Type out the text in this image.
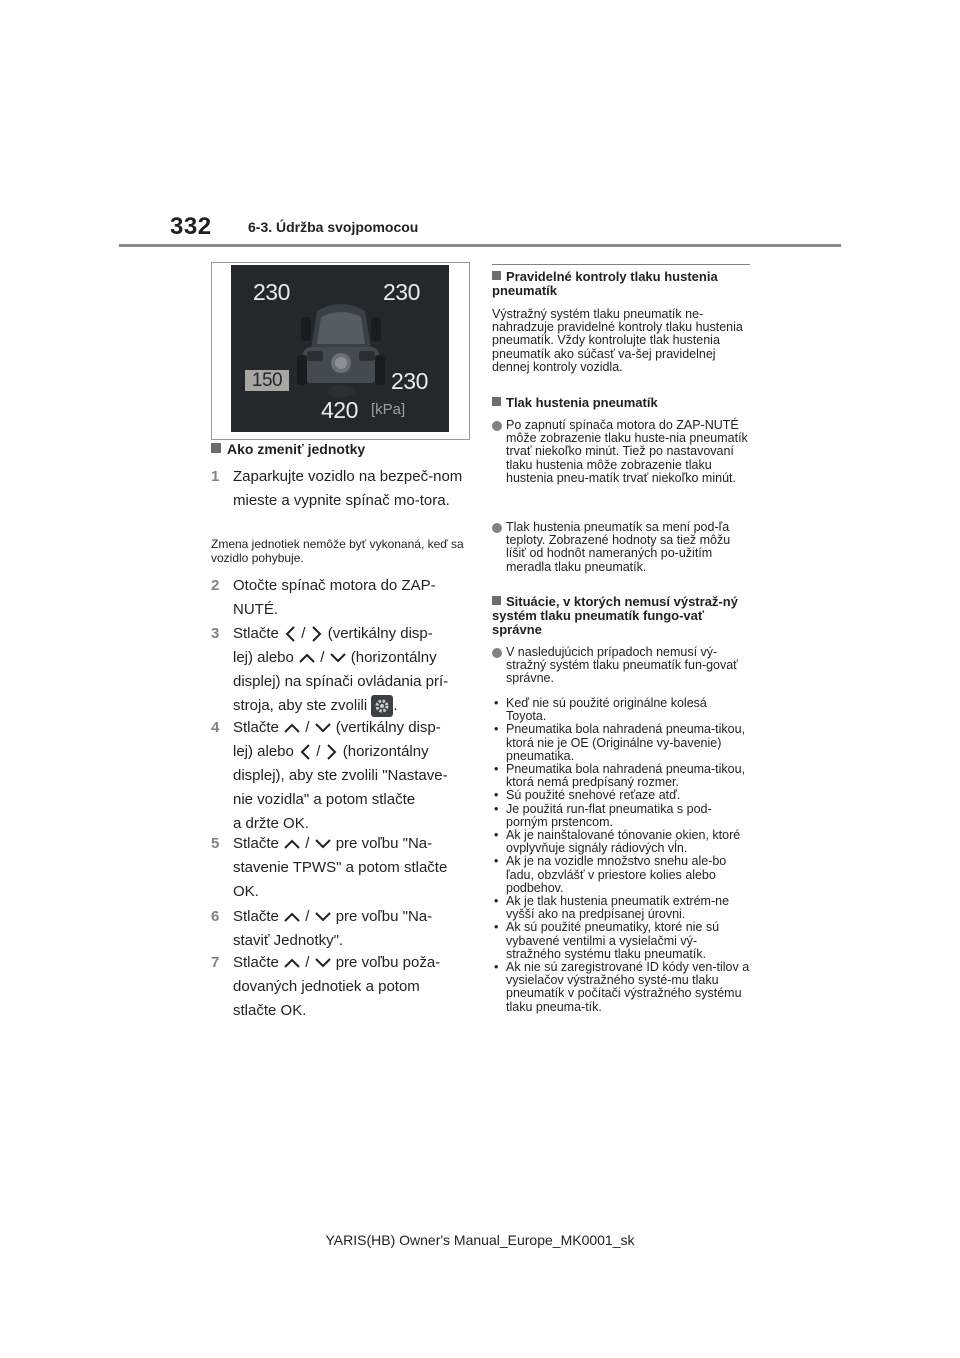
332	6-3. Údržba svojpomocou
230	230
150	230
420 [kPa]
Ako zmeniť jednotky
1 Zaparkujte vozidlo na bezpeč-nom mieste a vypnite spínač mo-tora.
Zmena jednotiek nemôže byť vykonaná, keď sa vozidlo pohybuje.
2 Otočte spínač motora do ZAP-NUTÉ.
3 Stlačte / (vertikálny disp-
lej) alebo / (horizontálny
displej) na spínači ovládania prí-
stroja, aby ste zvolili .
4 Stlačte / (vertikálny disp-
lej) alebo / (horizontálny
displej), aby ste zvolili "Nastave-
nie vozidla" a potom stlačte
a držte OK.
5 Stlačte / pre voľbu "Na-
stavenie TPWS" a potom stlačte
OK.
6 Stlačte / pre voľbu "Na-
staviť Jednotky".
7 Stlačte / pre voľbu poža-
dovaných jednotiek a potom
stlačte OK.
Pravidelné kontroly tlaku hustenia pneumatík
Výstražný systém tlaku pneumatík ne-nahradzuje pravidelné kontroly tlaku hustenia pneumatík. Vždy kontrolujte tlak hustenia pneumatík ako súčasť va-šej pravidelnej dennej kontroly vozidla.
Tlak hustenia pneumatík
Po zapnutí spínača motora do ZAP-NUTÉ môže zobrazenie tlaku huste-nia pneumatík trvať niekoľko minút. Tiež po nastavovaní tlaku hustenia môže zobrazenie tlaku hustenia pneu-matík trvať niekoľko minút.
Tlak hustenia pneumatík sa mení pod-ľa teploty. Zobrazené hodnoty sa tiež môžu líšiť od hodnôt nameraných po-užitím meradla tlaku pneumatík.
Situácie, v ktorých nemusí výstraž-ný systém tlaku pneumatík fungo-vať správne
V nasledujúcich prípadoch nemusí vý-stražný systém tlaku pneumatík fun-govať správne.
• Keď nie sú použité originálne kolesá Toyota.
• Pneumatika bola nahradená pneuma-tikou, ktorá nie je OE (Originálne vy-bavenie) pneumatika.
• Pneumatika bola nahradená pneuma-tikou, ktorá nemá predpísaný rozmer.
• Sú použité snehové reťaze atď.
• Je použitá run-flat pneumatika s pod-porným prstencom.
• Ak je nainštalované tónovanie okien, ktoré ovplyvňuje signály rádiových vĺn.
• Ak je na vozidle množstvo snehu ale-bo ľadu, obzvlášť v priestore kolies alebo podbehov.
• Ak je tlak hustenia pneumatík extrém-ne vyšší ako na predpísanej úrovni.
• Ak sú použité pneumatiky, ktoré nie sú vybavené ventilmi a vysielačmi vý-stražného systému tlaku pneumatík.
• Ak nie sú zaregistrované ID kódy ven-tilov a vysielačov výstražného systé-mu tlaku pneumatík v počítači výstražného systému tlaku pneuma-tík.
YARIS(HB) Owner's Manual_Europe_MK0001_sk
